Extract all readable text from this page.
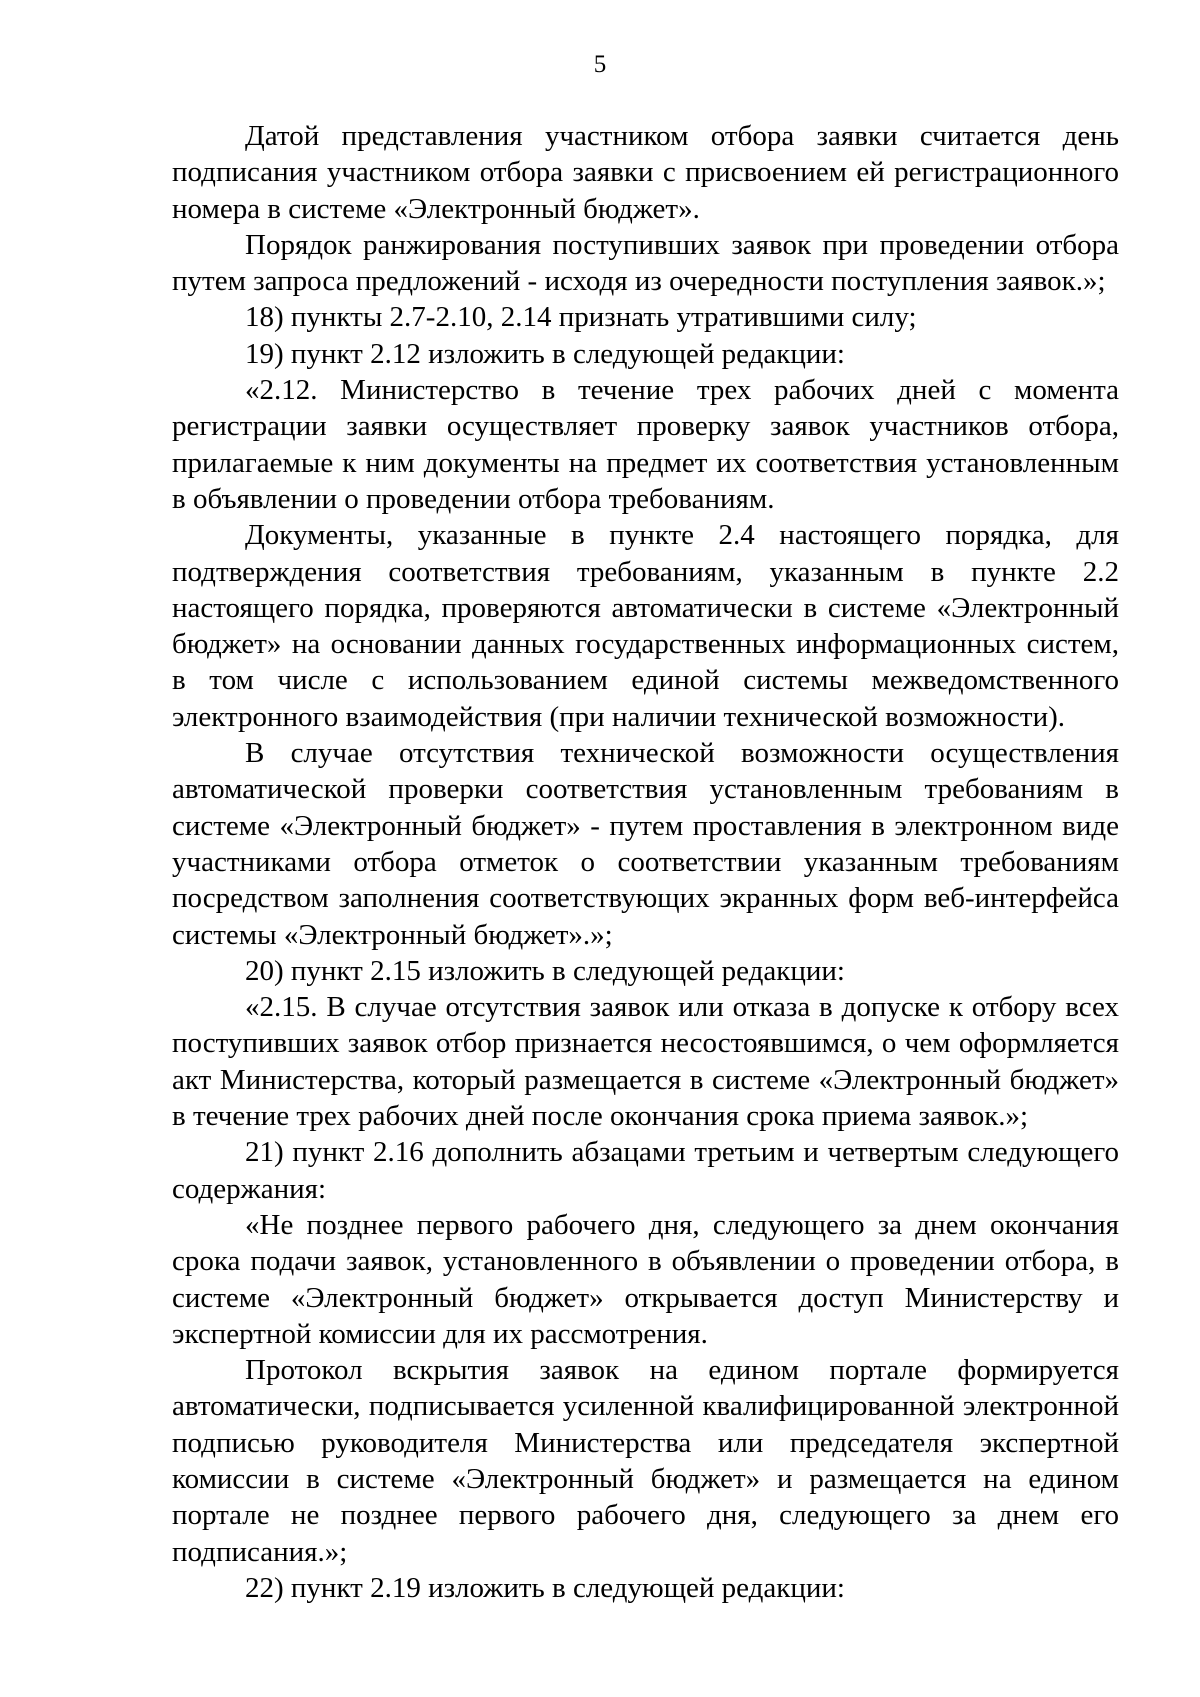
5

Датой представления участником отбора заявки считается день подписания участником отбора заявки с присвоением ей регистрационного номера в системе «Электронный бюджет».

Порядок ранжирования поступивших заявок при проведении отбора путем запроса предложений - исходя из очередности поступления заявок.»;

18) пункты 2.7-2.10, 2.14 признать утратившими силу;

19) пункт 2.12 изложить в следующей редакции:

«2.12. Министерство в течение трех рабочих дней с момента регистрации заявки осуществляет проверку заявок участников отбора, прилагаемые к ним документы на предмет их соответствия установленным в объявлении о проведении отбора требованиям.

Документы, указанные в пункте 2.4 настоящего порядка, для подтверждения соответствия требованиям, указанным в пункте 2.2 настоящего порядка, проверяются автоматически в системе «Электронный бюджет» на основании данных государственных информационных систем, в том числе с использованием единой системы межведомственного электронного взаимодействия (при наличии технической возможности).

В случае отсутствия технической возможности осуществления автоматической проверки соответствия установленным требованиям в системе «Электронный бюджет» - путем проставления в электронном виде участниками отбора отметок о соответствии указанным требованиям посредством заполнения соответствующих экранных форм веб-интерфейса системы «Электронный бюджет».»;

20) пункт 2.15 изложить в следующей редакции:

«2.15. В случае отсутствия заявок или отказа в допуске к отбору всех поступивших заявок отбор признается несостоявшимся, о чем оформляется акт Министерства, который размещается в системе «Электронный бюджет» в течение трех рабочих дней после окончания срока приема заявок.»;

21) пункт 2.16 дополнить абзацами третьим и четвертым следующего содержания:

«Не позднее первого рабочего дня, следующего за днем окончания срока подачи заявок, установленного в объявлении о проведении отбора, в системе «Электронный бюджет» открывается доступ Министерству и экспертной комиссии для их рассмотрения.

Протокол вскрытия заявок на едином портале формируется автоматически, подписывается усиленной квалифицированной электронной подписью руководителя Министерства или председателя экспертной комиссии в системе «Электронный бюджет» и размещается на едином портале не позднее первого рабочего дня, следующего за днем его подписания.»;

22) пункт 2.19 изложить в следующей редакции:
